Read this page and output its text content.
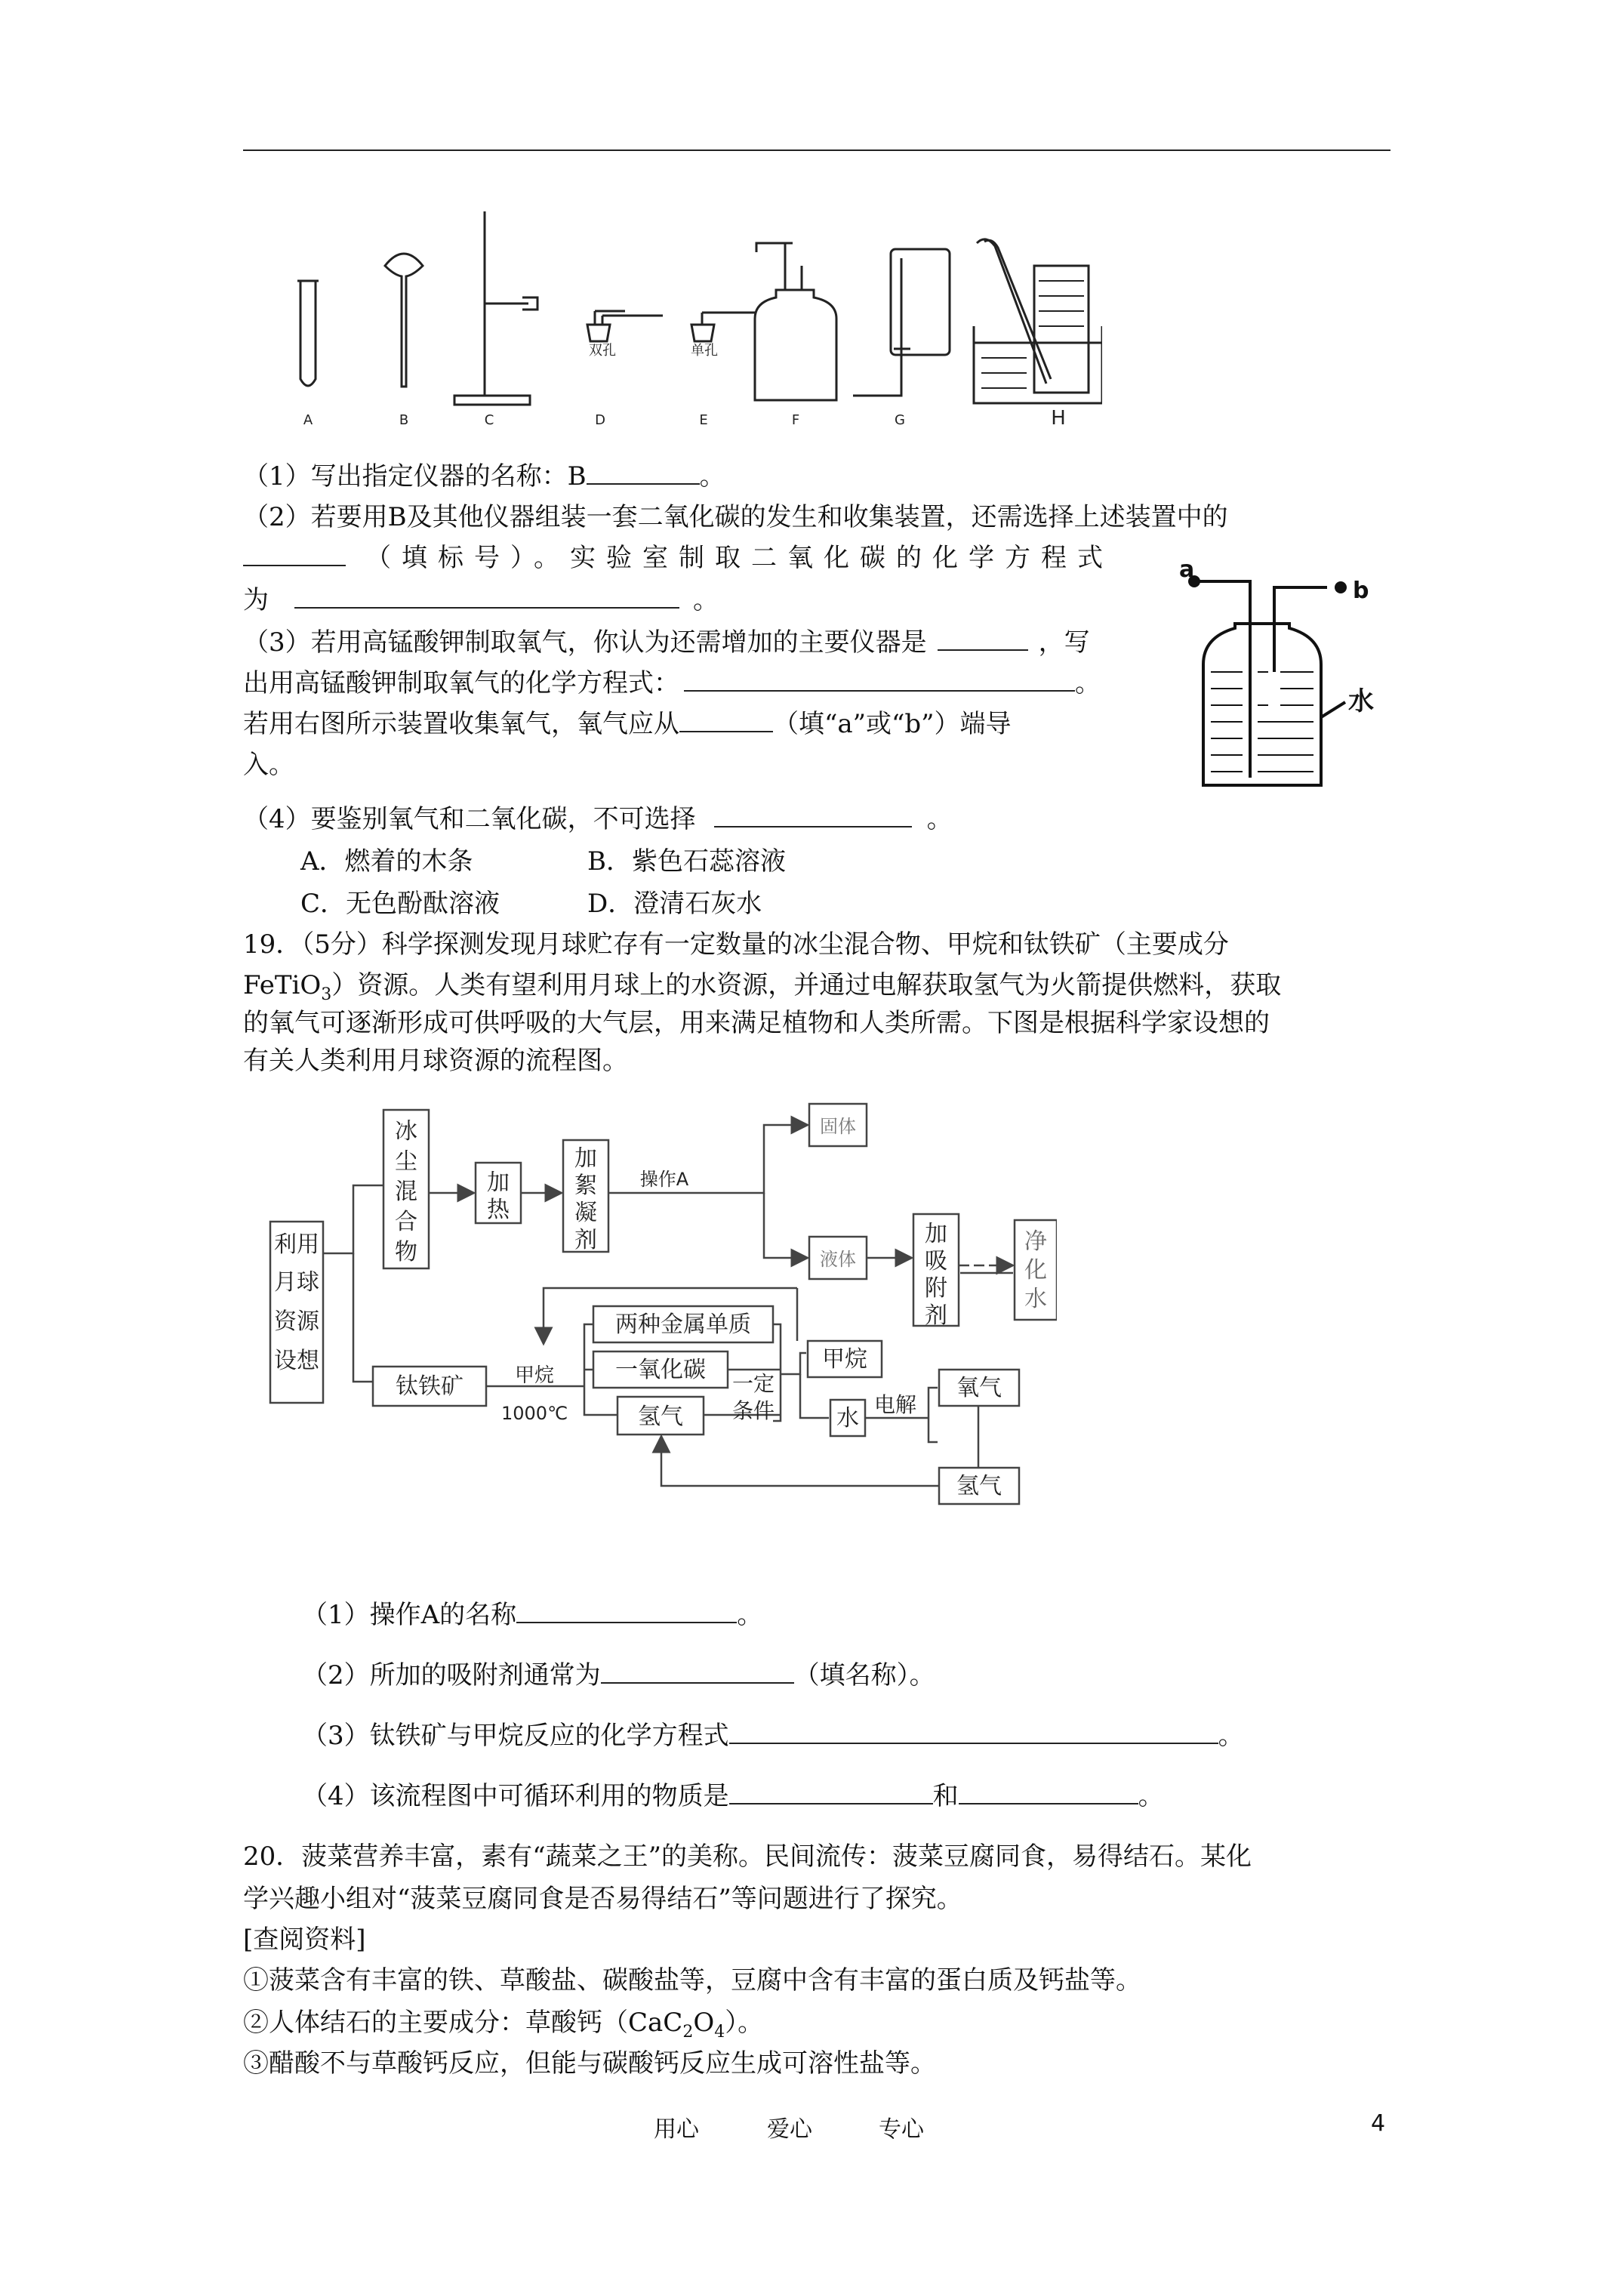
双孔	单孔
A	B	C	D	E	F	G	H
（1）写出指定仪器的名称：B	。
（2）若要用B及其他仪器组装一套二氧化碳的发生和收集装置，还需选择上述装置中的
（填标号）。实验室制取二氧化碳的化学方程式
为	。
（3）若用高锰酸钾制取氧气，你认为还需增加的主要仪器是	，写
出用高锰酸钾制取氧气的化学方程式：	。
若用右图所示装置收集氧气，氧气应从	（填“a”或“b”）端导
入。
（4）要鉴别氧气和二氧化碳，不可选择	。
A．燃着的木条	B．紫色石蕊溶液
C．无色酚酞溶液	D．澄清石灰水
a
b
水
19．（5分）科学探测发现月球贮存有一定数量的冰尘混合物、甲烷和钛铁矿（主要成分
FeTiO$_3$）资源。人类有望利用月球上的水资源，并通过电解获取氢气为火箭提供燃料，获取
的氧气可逐渐形成可供呼吸的大气层，用来满足植物和人类所需。下图是根据科学家设想的
有关人类利用月球资源的流程图。
利用
月球
资源
设想
冰
尘
混
合
物
加
热
加
絮
凝
剂
操作A
固体
液体
加
吸
附
剂
净
化
水
钛铁矿	甲烷
1000℃
两种金属单质
一氧化碳
氢气
一定
条件
甲烷
水
电解
氧气
氢气
（1）操作A的名称	。
（2）所加的吸附剂通常为	（填名称）。
（3）钛铁矿与甲烷反应的化学方程式	。
（4）该流程图中可循环利用的物质是	和	。
20．菠菜营养丰富，素有“蔬菜之王”的美称。民间流传：菠菜豆腐同食，易得结石。某化
学兴趣小组对“菠菜豆腐同食是否易得结石”等问题进行了探究。
[查阅资料]
①菠菜含有丰富的铁、草酸盐、碳酸盐等，豆腐中含有丰富的蛋白质及钙盐等。
②人体结石的主要成分：草酸钙$(CaC_2O_4)$。
③醋酸不与草酸钙反应，但能与碳酸钙反应生成可溶性盐等。
用心	爱心	专心	4
